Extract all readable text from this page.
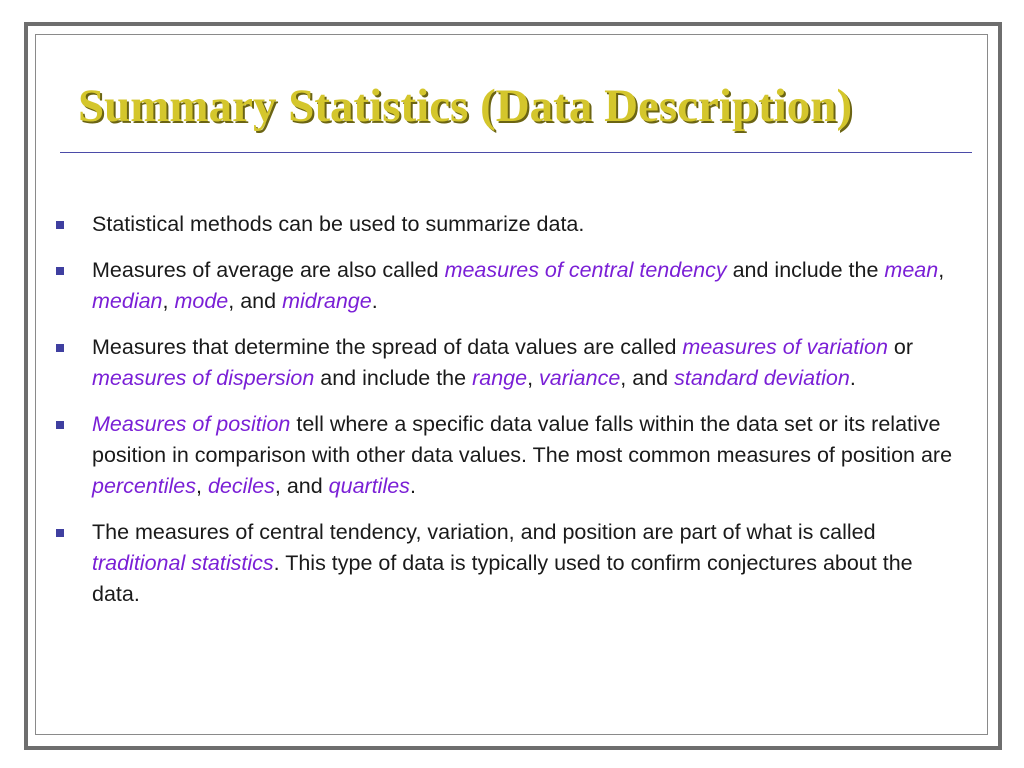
Summary Statistics (Data Description)
Statistical methods can be used to summarize data.
Measures of average are also called measures of central tendency and include the mean, median, mode, and midrange.
Measures that determine the spread of data values are called measures of variation or measures of dispersion and include the range, variance, and standard deviation.
Measures of position tell where a specific data value falls within the data set or its relative position in comparison with other data values. The most common measures of position are percentiles, deciles, and quartiles.
The measures of central tendency, variation, and position are part of what is called traditional statistics. This type of data is typically used to confirm conjectures about the data.
